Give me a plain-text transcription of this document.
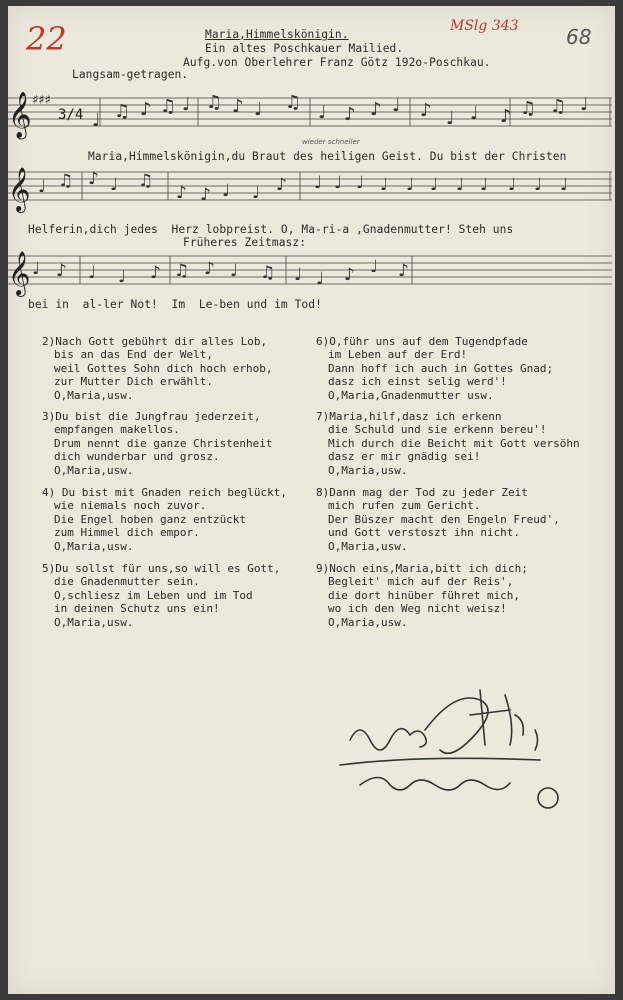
22	MSlg 343 68
Maria,Himmelskönigin.
Ein altes Poschkauer Mailied.
Aufg.von Oberlehrer Franz Götz 192o-Poschkau.
Langsam-getragen.
𝄞 ♯♯♯
3/4 ♩ ♫ ♪ ♫ ♩ ♫ ♪ ♩ ♫ ♩ ♪ ♪ ♩ ♪ ♩ ♩ ♪ ♫ ♫ ♩
Maria,Himmelskönigin,du Braut des heiligen Geist. Du bist der Christen
wieder schneller
𝄞 ♩ ♫ ♪ ♩ ♫
♪ ♪ ♩ ♩ ♪ ♩ ♩ ♩ ♩ ♩ ♩ ♩ ♩ ♩ ♩ ♩
Helferin,dich jedes  Herz lobpreist. O, Ma-ri-a ,Gnadenmutter! Steh uns
Früheres Zeitmasz:
𝄞 ♩ ♪ ♩ ♩ ♪ ♫ ♪ ♩ ♫ ♩ ♩ ♪ ♩ ♪
bei in  al-ler Not!  Im  Le-ben und im Tod!
2)Nach Gott gebührt dir alles Lob,
bis an das End der Welt,
weil Gottes Sohn dich hoch erhob,
zur Mutter Dich erwählt.
O,Maria,usw.
3)Du bist die Jungfrau jederzeit,
empfangen makellos.
Drum nennt die ganze Christenheit
dich wunderbar und grosz.
O,Maria,usw.
4) Du bist mit Gnaden reich beglückt,
wie niemals noch zuvor.
Die Engel hoben ganz entzückt
zum Himmel dich empor.
O,Maria,usw.
5)Du sollst für uns,so will es Gott,
die Gnadenmutter sein.
O,schliesz im Leben und im Tod
in deinen Schutz uns ein!
O,Maria,usw.
6)O,führ uns auf dem Tugendpfade
im Leben auf der Erd!
Dann hoff ich auch in Gottes Gnad;
dasz ich einst selig werd'!
O,Maria,Gnadenmutter usw.
7)Maria,hilf,dasz ich erkenn
die Schuld und sie erkenn bereu'!
Mich durch die Beicht mit Gott versöhn
dasz er mir gnädig sei!
O,Maria,usw.
8)Dann mag der Tod zu jeder Zeit
mich rufen zum Gericht.
Der Büszer macht den Engeln Freud',
und Gott verstoszt ihn nicht.
O,Maria,usw.
9)Noch eins,Maria,bitt ich dich;
Begleit' mich auf der Reis',
die dort hinüber führet mich,
wo ich den Weg nicht weisz!
O,Maria,usw.
